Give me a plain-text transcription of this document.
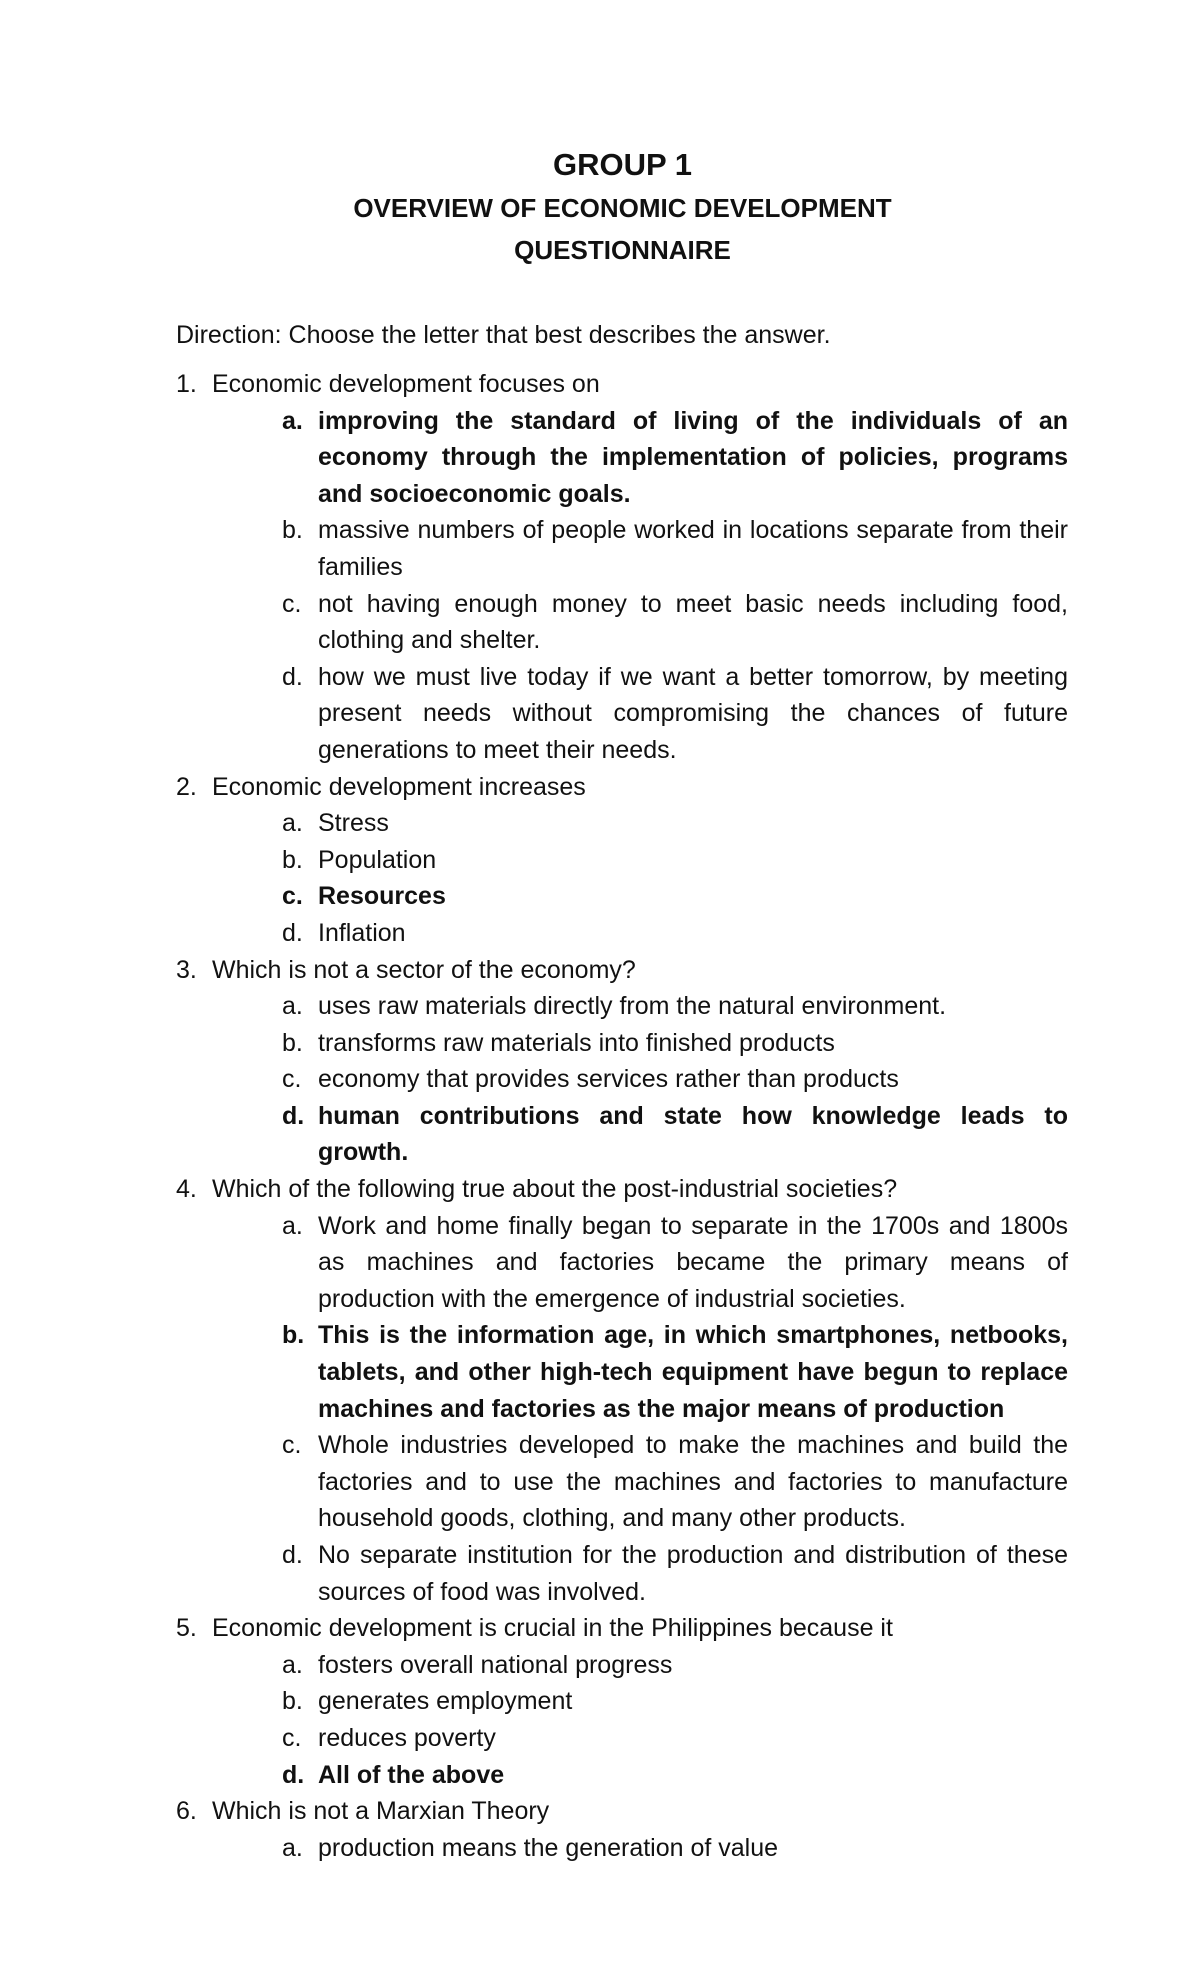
GROUP 1
OVERVIEW OF ECONOMIC DEVELOPMENT
QUESTIONNAIRE
Direction: Choose the letter that best describes the answer.
1. Economic development focuses on
a. improving the standard of living of the individuals of an economy through the implementation of policies, programs and socioeconomic goals.
b. massive numbers of people worked in locations separate from their families
c. not having enough money to meet basic needs including food, clothing and shelter.
d. how we must live today if we want a better tomorrow, by meeting present needs without compromising the chances of future generations to meet their needs.
2. Economic development increases
a. Stress
b. Population
c. Resources
d. Inflation
3. Which is not a sector of the economy?
a. uses raw materials directly from the natural environment.
b. transforms raw materials into finished products
c. economy that provides services rather than products
d. human contributions and state how knowledge leads to growth.
4. Which of the following true about the post-industrial societies?
a. Work and home finally began to separate in the 1700s and 1800s as machines and factories became the primary means of production with the emergence of industrial societies.
b. This is the information age, in which smartphones, netbooks, tablets, and other high-tech equipment have begun to replace machines and factories as the major means of production
c. Whole industries developed to make the machines and build the factories and to use the machines and factories to manufacture household goods, clothing, and many other products.
d. No separate institution for the production and distribution of these sources of food was involved.
5. Economic development is crucial in the Philippines because it
a. fosters overall national progress
b. generates employment
c. reduces poverty
d. All of the above
6. Which is not a Marxian Theory
a. production means the generation of value
